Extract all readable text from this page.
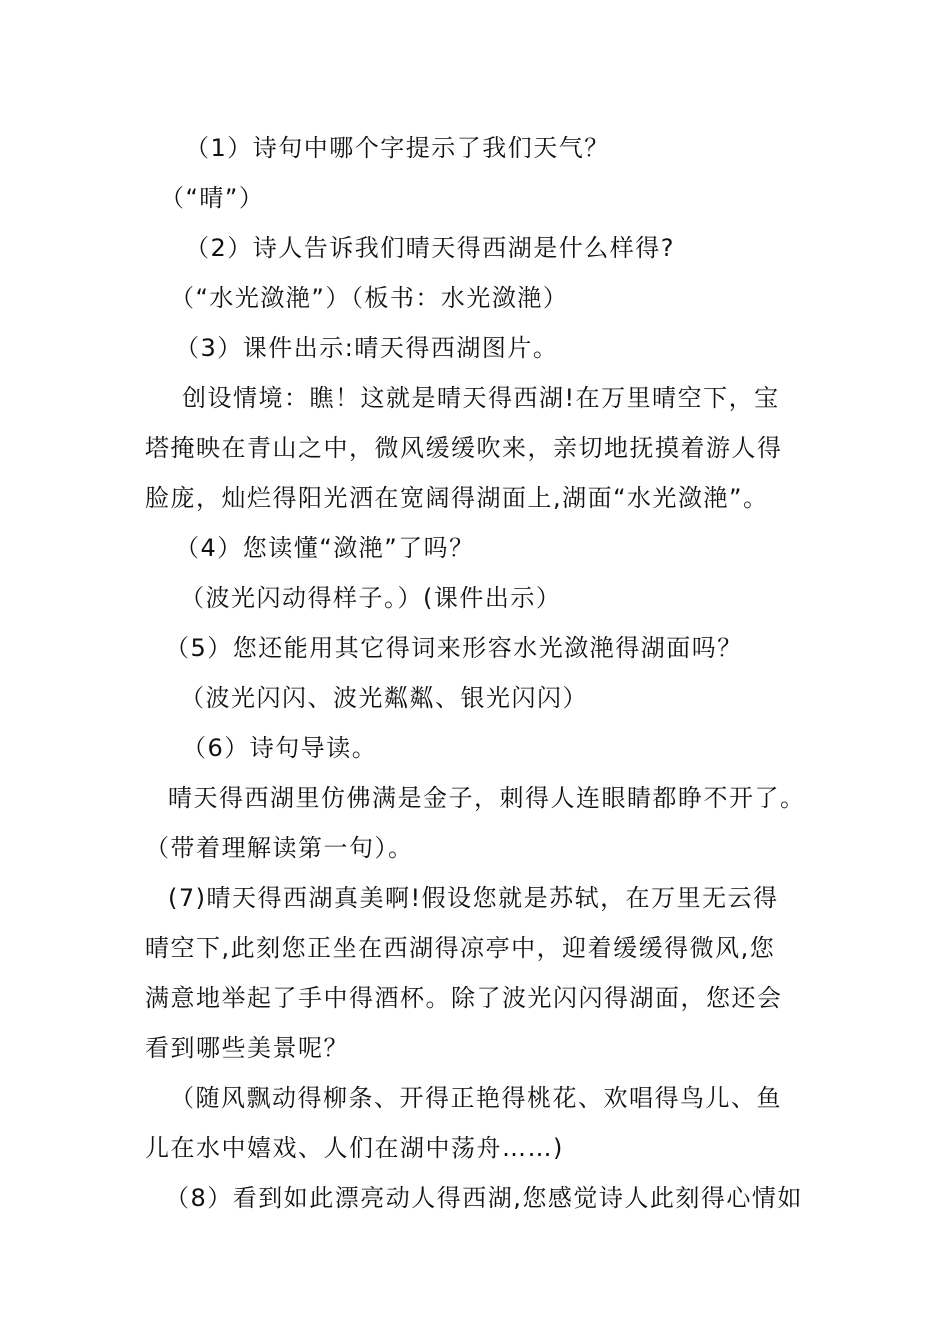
（1）诗句中哪个字提示了我们天气？
（“晴”）
（2）诗人告诉我们晴天得西湖是什么样得?
（“水光潋滟”）（板书：水光潋滟）
（3）课件出示:晴天得西湖图片。
创设情境：瞧！这就是晴天得西湖!在万里晴空下，宝
塔掩映在青山之中，微风缓缓吹来，亲切地抚摸着游人得
脸庞，灿烂得阳光洒在宽阔得湖面上,湖面“水光潋滟”。
（4）您读懂“潋滟”了吗？
（波光闪动得样子。）(课件出示）
（5）您还能用其它得词来形容水光潋滟得湖面吗？
（波光闪闪、波光粼粼、银光闪闪）
（6）诗句导读。
晴天得西湖里仿佛满是金子，刺得人连眼睛都睁不开了。
（带着理解读第一句）。
(7)晴天得西湖真美啊!假设您就是苏轼，在万里无云得
晴空下,此刻您正坐在西湖得凉亭中，迎着缓缓得微风,您
满意地举起了手中得酒杯。除了波光闪闪得湖面，您还会
看到哪些美景呢？
（随风飘动得柳条、开得正艳得桃花、欢唱得鸟儿、鱼
儿在水中嬉戏、人们在湖中荡舟……)
（8）看到如此漂亮动人得西湖,您感觉诗人此刻得心情如
